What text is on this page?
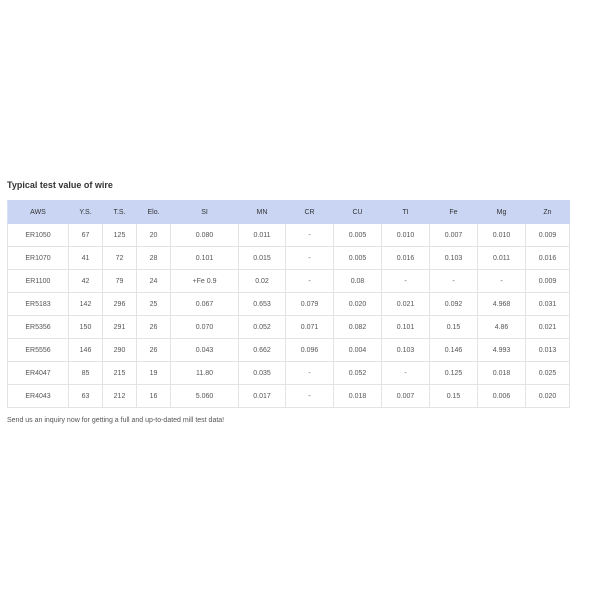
Typical test value of wire
AWS	Y.S.	T.S.	Elo.	SI	MN	CR	CU	TI	Fe	Mg	Zn
ER1050	67	125	20	0.080	0.011	-	0.005	0.010	0.007	0.010	0.009
ER1070	41	72	28	0.101	0.015	-	0.005	0.016	0.103	0.011	0.016
ER1100	42	79	24	+Fe 0.9	0.02	-	0.08	-	-	-	0.009
ER5183	142	296	25	0.067	0.653	0.079	0.020	0.021	0.092	4.968	0.031
ER5356	150	291	26	0.070	0.052	0.071	0.082	0.101	0.15	4.86	0.021
ER5556	146	290	26	0.043	0.662	0.096	0.004	0.103	0.146	4.993	0.013
ER4047	85	215	19	11.80	0.035	-	0.052	-	0.125	0.018	0.025
ER4043	63	212	16	5.060	0.017	-	0.018	0.007	0.15	0.006	0.020
Send us an inquiry now for getting a full and up-to-dated mill test data!
